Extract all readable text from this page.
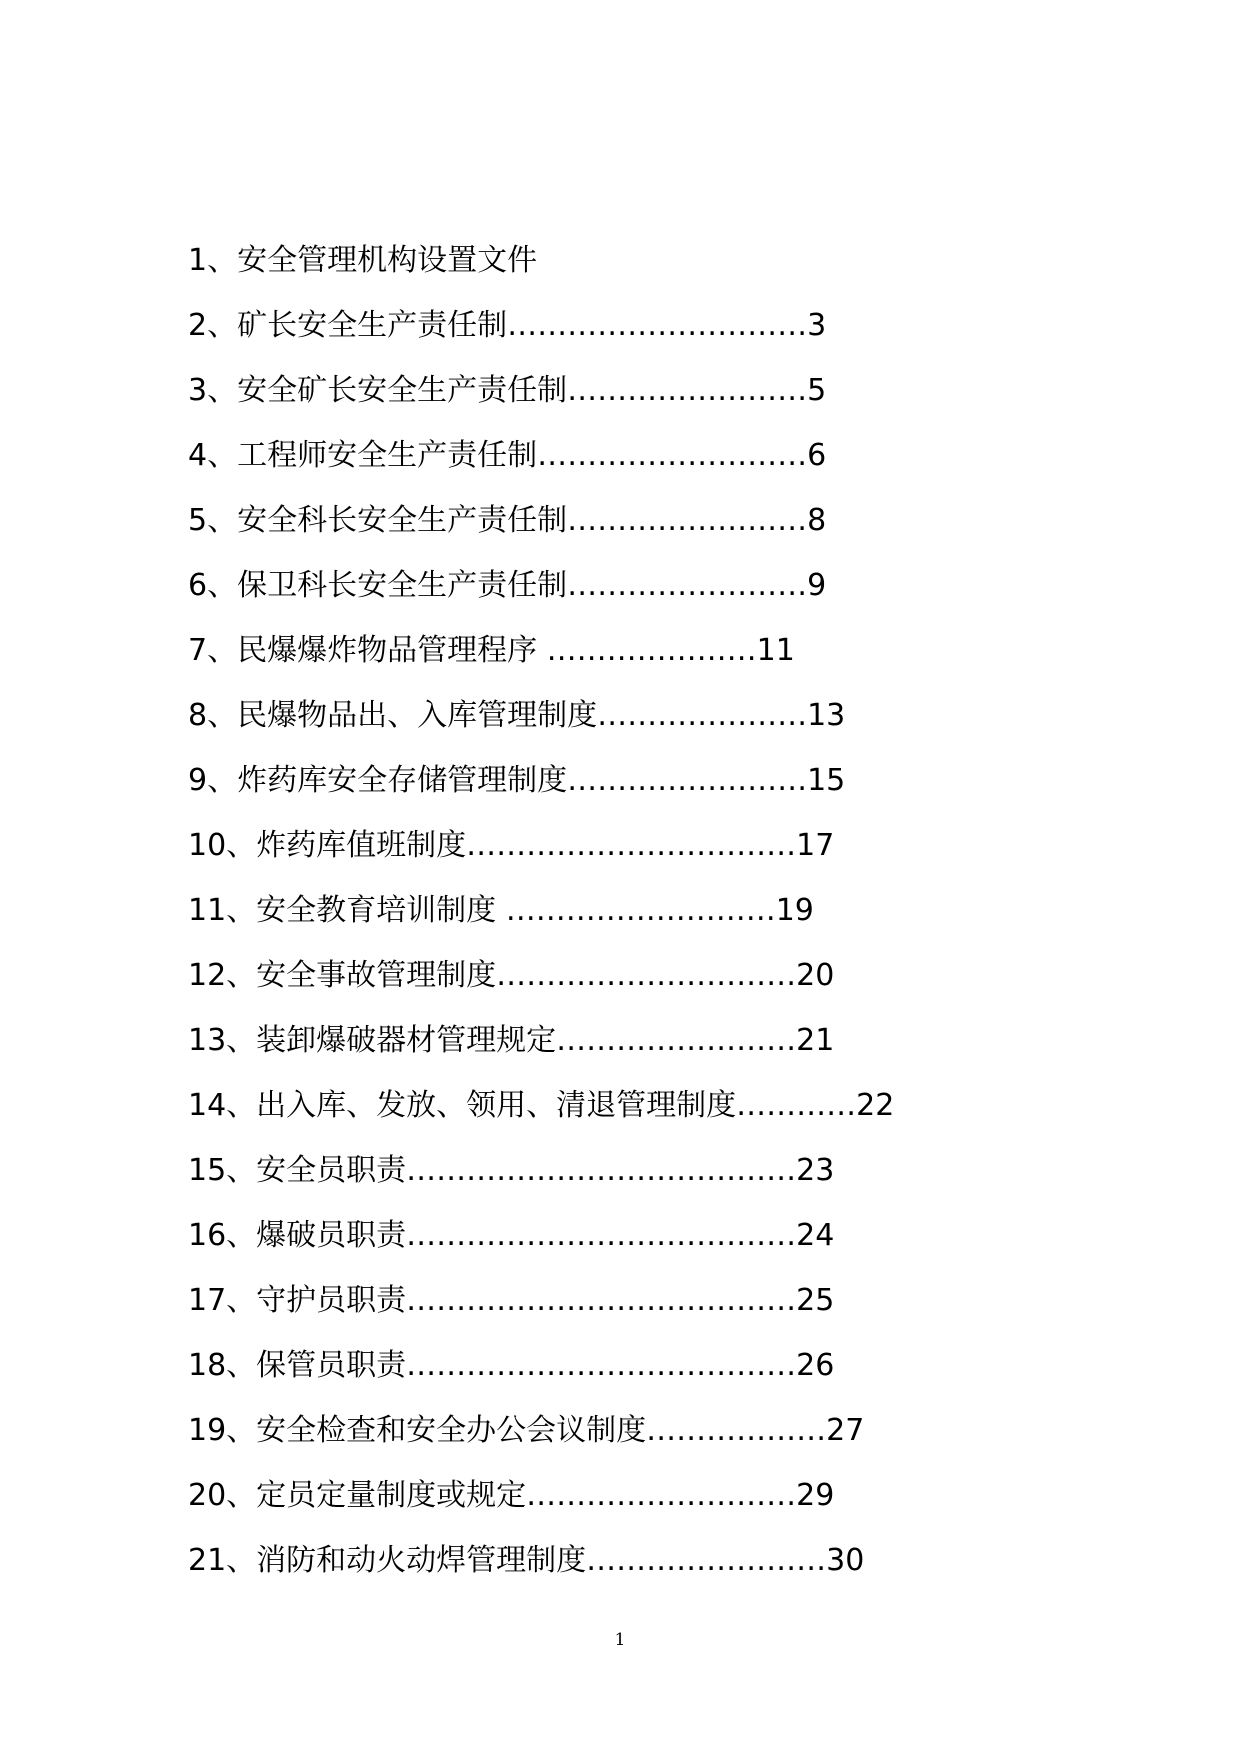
1、安全管理机构设置文件
2、矿长安全生产责任制…………………………3
3、安全矿长安全生产责任制……………………5
4、工程师安全生产责任制………………………6
5、安全科长安全生产责任制……………………8
6、保卫科长安全生产责任制……………………9
7、民爆爆炸物品管理程序 …………………11
8、民爆物品出、入库管理制度…………………13
9、炸药库安全存储管理制度……………………15
10、炸药库值班制度……………………………17
11、安全教育培训制度 ………………………19
12、安全事故管理制度…………………………20
13、装卸爆破器材管理规定……………………21
14、出入库、发放、领用、清退管理制度…………22
15、安全员职责…………………………………23
16、爆破员职责…………………………………24
17、守护员职责…………………………………25
18、保管员职责…………………………………26
19、安全检查和安全办公会议制度………………27
20、定员定量制度或规定………………………29
21、消防和动火动焊管理制度……………………30
1
